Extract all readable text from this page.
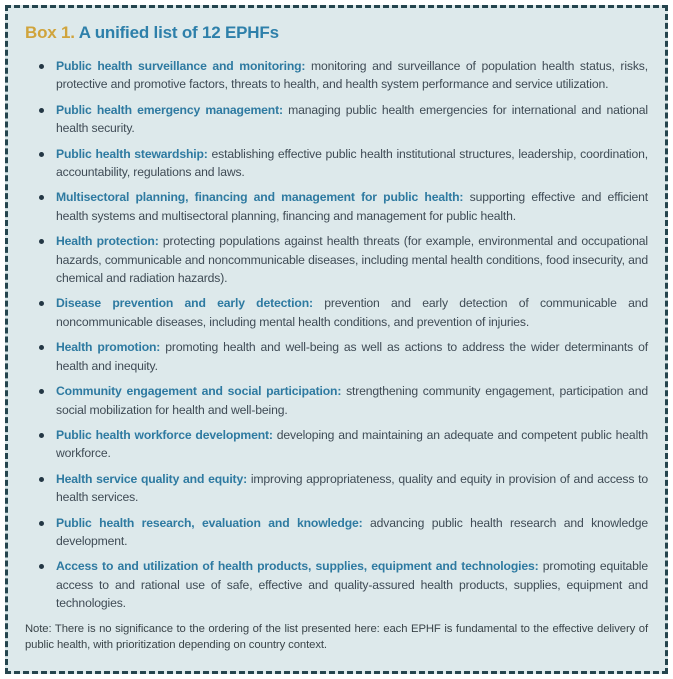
Box 1. A unified list of 12 EPHFs

Public health surveillance and monitoring: monitoring and surveillance of population health status, risks, protective and promotive factors, threats to health, and health system performance and service utilization.

Public health emergency management: managing public health emergencies for international and national health security.

Public health stewardship: establishing effective public health institutional structures, leadership, coordination, accountability, regulations and laws.

Multisectoral planning, financing and management for public health: supporting effective and efficient health systems and multisectoral planning, financing and management for public health.

Health protection: protecting populations against health threats (for example, environmental and occupational hazards, communicable and noncommunicable diseases, including mental health conditions, food insecurity, and chemical and radiation hazards).

Disease prevention and early detection: prevention and early detection of communicable and noncommunicable diseases, including mental health conditions, and prevention of injuries.

Health promotion: promoting health and well-being as well as actions to address the wider determinants of health and inequity.

Community engagement and social participation: strengthening community engagement, participation and social mobilization for health and well-being.

Public health workforce development: developing and maintaining an adequate and competent public health workforce.

Health service quality and equity: improving appropriateness, quality and equity in provision of and access to health services.

Public health research, evaluation and knowledge: advancing public health research and knowledge development.

Access to and utilization of health products, supplies, equipment and technologies: promoting equitable access to and rational use of safe, effective and quality-assured health products, supplies, equipment and technologies.

Note: There is no significance to the ordering of the list presented here: each EPHF is fundamental to the effective delivery of public health, with prioritization depending on country context.
